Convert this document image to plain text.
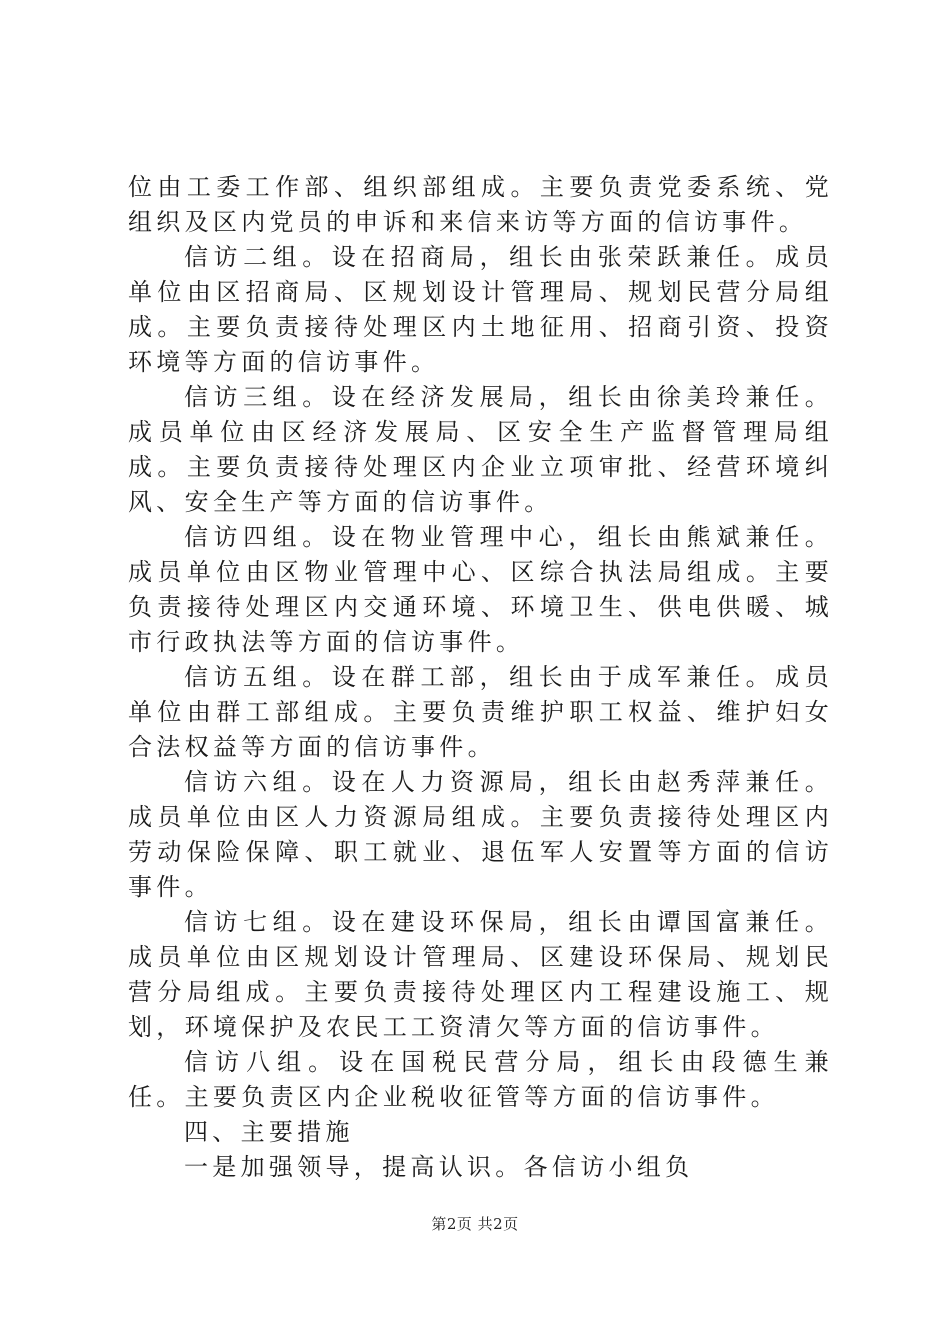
位由工委工作部、组织部组成。主要负责党委系统、党组织及区内党员的申诉和来信来访等方面的信访事件。

信访二组。设在招商局，组长由张荣跃兼任。成员单位由区招商局、区规划设计管理局、规划民营分局组成。主要负责接待处理区内土地征用、招商引资、投资环境等方面的信访事件。

信访三组。设在经济发展局，组长由徐美玲兼任。成员单位由区经济发展局、区安全生产监督管理局组成。主要负责接待处理区内企业立项审批、经营环境纠风、安全生产等方面的信访事件。

信访四组。设在物业管理中心，组长由熊斌兼任。成员单位由区物业管理中心、区综合执法局组成。主要负责接待处理区内交通环境、环境卫生、供电供暖、城市行政执法等方面的信访事件。

信访五组。设在群工部，组长由于成军兼任。成员单位由群工部组成。主要负责维护职工权益、维护妇女合法权益等方面的信访事件。

信访六组。设在人力资源局，组长由赵秀萍兼任。成员单位由区人力资源局组成。主要负责接待处理区内劳动保险保障、职工就业、退伍军人安置等方面的信访事件。

信访七组。设在建设环保局，组长由谭国富兼任。成员单位由区规划设计管理局、区建设环保局、规划民营分局组成。主要负责接待处理区内工程建设施工、规划，环境保护及农民工工资清欠等方面的信访事件。

信访八组。设在国税民营分局，组长由段德生兼任。主要负责区内企业税收征管等方面的信访事件。

四、主要措施

一是加强领导，提高认识。各信访小组负

第2页 共2页
